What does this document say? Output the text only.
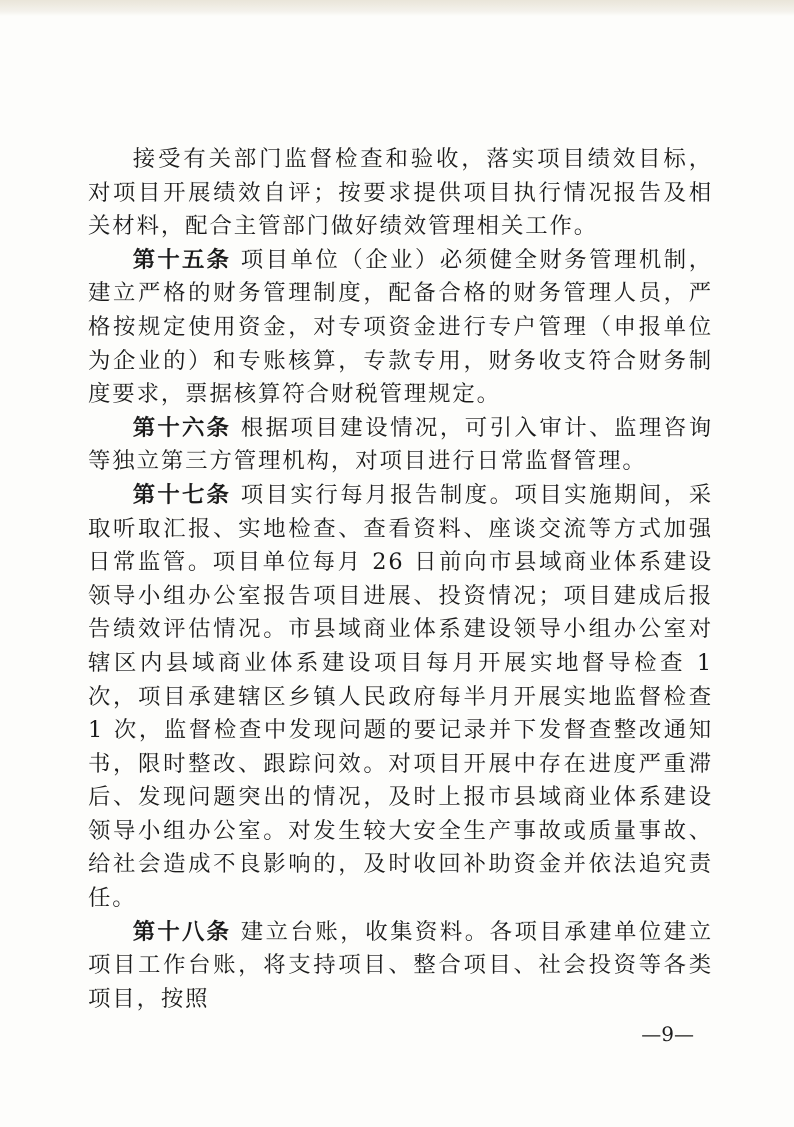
接受有关部门监督检查和验收，落实项目绩效目标，对项目开展绩效自评；按要求提供项目执行情况报告及相关材料，配合主管部门做好绩效管理相关工作。

第十五条 项目单位（企业）必须健全财务管理机制，建立严格的财务管理制度，配备合格的财务管理人员，严格按规定使用资金，对专项资金进行专户管理（申报单位为企业的）和专账核算，专款专用，财务收支符合财务制度要求，票据核算符合财税管理规定。

第十六条 根据项目建设情况，可引入审计、监理咨询等独立第三方管理机构，对项目进行日常监督管理。

第十七条 项目实行每月报告制度。项目实施期间，采取听取汇报、实地检查、查看资料、座谈交流等方式加强日常监管。项目单位每月 26 日前向市县域商业体系建设领导小组办公室报告项目进展、投资情况；项目建成后报告绩效评估情况。市县域商业体系建设领导小组办公室对辖区内县域商业体系建设项目每月开展实地督导检查 1 次，项目承建辖区乡镇人民政府每半月开展实地监督检查 1 次，监督检查中发现问题的要记录并下发督查整改通知书，限时整改、跟踪问效。对项目开展中存在进度严重滞后、发现问题突出的情况，及时上报市县域商业体系建设领导小组办公室。对发生较大安全生产事故或质量事故、给社会造成不良影响的，及时收回补助资金并依法追究责任。

第十八条 建立台账，收集资料。各项目承建单位建立项目工作台账，将支持项目、整合项目、社会投资等各类项目，按照

—9—
